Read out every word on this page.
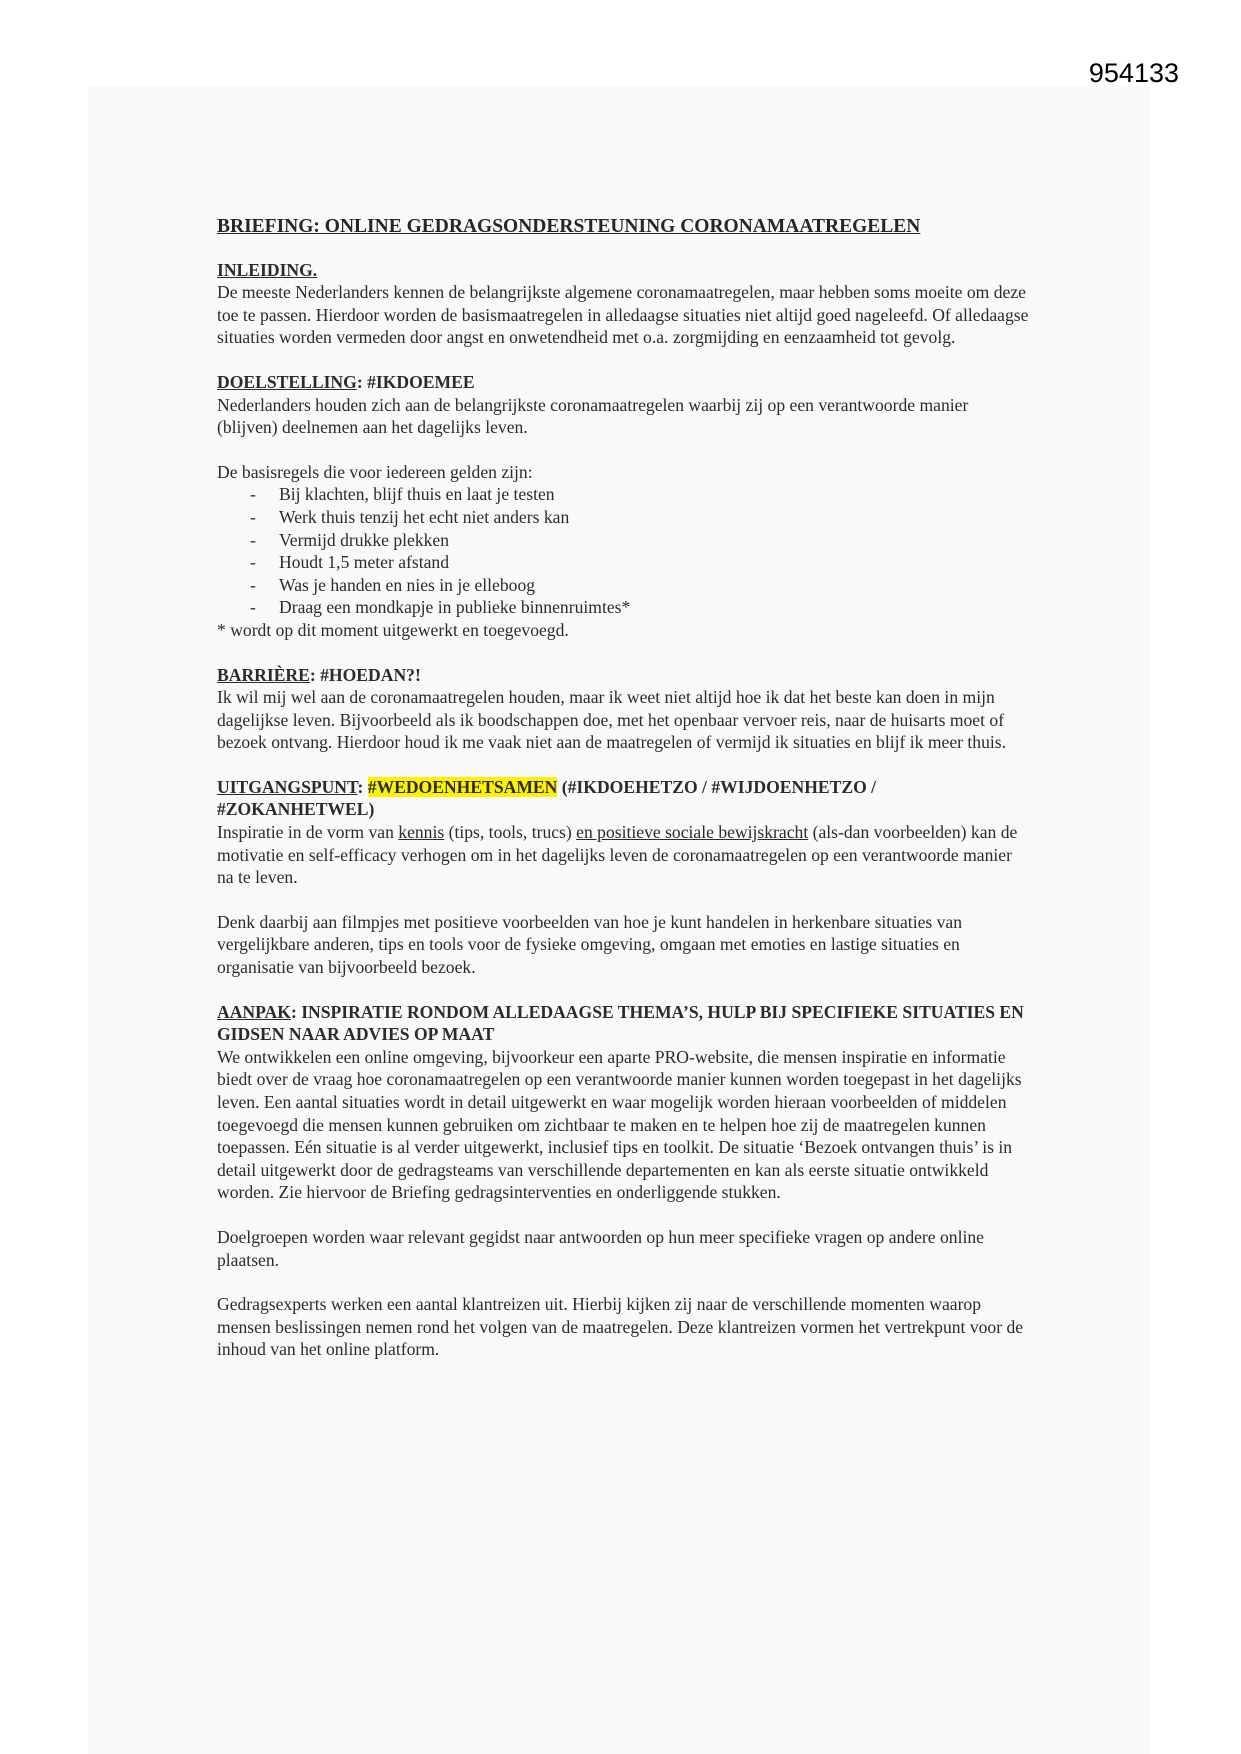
954133

BRIEFING: ONLINE GEDRAGSONDERSTEUNING CORONAMAATREGELEN

INLEIDING.

De meeste Nederlanders kennen de belangrijkste algemene coronamaatregelen, maar hebben soms moeite om deze toe te passen. Hierdoor worden de basismaatregelen in alledaagse situaties niet altijd goed nageleefd. Of alledaagse situaties worden vermeden door angst en onwetendheid met o.a. zorgmijding en eenzaamheid tot gevolg.

DOELSTELLING: #IKDOEMEE

Nederlanders houden zich aan de belangrijkste coronamaatregelen waarbij zij op een verantwoorde manier (blijven) deelnemen aan het dagelijks leven.

De basisregels die voor iedereen gelden zijn:

- Bij klachten, blijf thuis en laat je testen
- Werk thuis tenzij het echt niet anders kan
- Vermijd drukke plekken
- Houdt 1,5 meter afstand
- Was je handen en nies in je elleboog
- Draag een mondkapje in publieke binnenruimtes*

* wordt op dit moment uitgewerkt en toegevoegd.

BARRIÈRE: #HOEDAN?!

Ik wil mij wel aan de coronamaatregelen houden, maar ik weet niet altijd hoe ik dat het beste kan doen in mijn dagelijkse leven. Bijvoorbeeld als ik boodschappen doe, met het openbaar vervoer reis, naar de huisarts moet of bezoek ontvang. Hierdoor houd ik me vaak niet aan de maatregelen of vermijd ik situaties en blijf ik meer thuis.

UITGANGSPUNT: #WEDOENHETSAMEN (#IKDOEHETZO / #WIJDOENHETZO / #ZOKANHETWEL)

Inspiratie in de vorm van kennis (tips, tools, trucs) en positieve sociale bewijskracht (als-dan voorbeelden) kan de motivatie en self-efficacy verhogen om in het dagelijks leven de coronamaatregelen op een verantwoorde manier na te leven.

Denk daarbij aan filmpjes met positieve voorbeelden van hoe je kunt handelen in herkenbare situaties van vergelijkbare anderen, tips en tools voor de fysieke omgeving, omgaan met emoties en lastige situaties en organisatie van bijvoorbeeld bezoek.

AANPAK: INSPIRATIE RONDOM ALLEDAAGSE THEMA’S, HULP BIJ SPECIFIEKE SITUATIES EN GIDSEN NAAR ADVIES OP MAAT

We ontwikkelen een online omgeving, bijvoorkeur een aparte PRO-website, die mensen inspiratie en informatie biedt over de vraag hoe coronamaatregelen op een verantwoorde manier kunnen worden toegepast in het dagelijks leven. Een aantal situaties wordt in detail uitgewerkt en waar mogelijk worden hieraan voorbeelden of middelen toegevoegd die mensen kunnen gebruiken om zichtbaar te maken en te helpen hoe zij de maatregelen kunnen toepassen. Eén situatie is al verder uitgewerkt, inclusief tips en toolkit. De situatie ‘Bezoek ontvangen thuis’ is in detail uitgewerkt door de gedragsteams van verschillende departementen en kan als eerste situatie ontwikkeld worden. Zie hiervoor de Briefing gedragsinterventies en onderliggende stukken.

Doelgroepen worden waar relevant gegidst naar antwoorden op hun meer specifieke vragen op andere online plaatsen.

Gedragsexperts werken een aantal klantreizen uit. Hierbij kijken zij naar de verschillende momenten waarop mensen beslissingen nemen rond het volgen van de maatregelen. Deze klantreizen vormen het vertrekpunt voor de inhoud van het online platform.
